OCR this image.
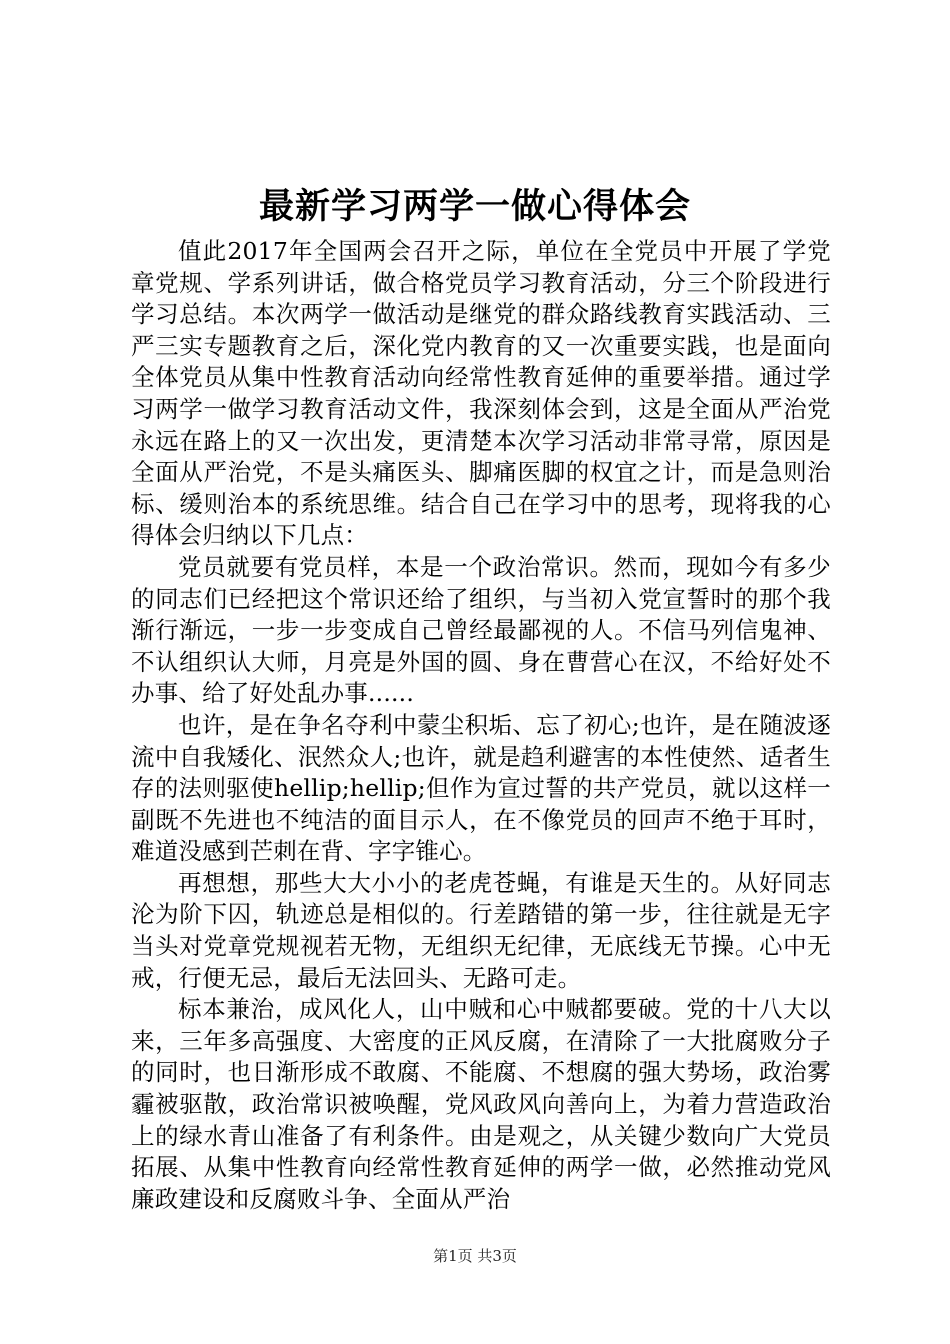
最新学习两学一做心得体会

值此2017年全国两会召开之际，单位在全党员中开展了学党章党规、学系列讲话，做合格党员学习教育活动，分三个阶段进行学习总结。本次两学一做活动是继党的群众路线教育实践活动、三严三实专题教育之后，深化党内教育的又一次重要实践，也是面向全体党员从集中性教育活动向经常性教育延伸的重要举措。通过学习两学一做学习教育活动文件，我深刻体会到，这是全面从严治党永远在路上的又一次出发，更清楚本次学习活动非常寻常，原因是全面从严治党，不是头痛医头、脚痛医脚的权宜之计，而是急则治标、缓则治本的系统思维。结合自己在学习中的思考，现将我的心得体会归纳以下几点：

党员就要有党员样，本是一个政治常识。然而，现如今有多少的同志们已经把这个常识还给了组织，与当初入党宣誓时的那个我渐行渐远，一步一步变成自己曾经最鄙视的人。不信马列信鬼神、不认组织认大师，月亮是外国的圆、身在曹营心在汉，不给好处不办事、给了好处乱办事......

也许，是在争名夺利中蒙尘积垢、忘了初心;也许，是在随波逐流中自我矮化、泯然众人;也许，就是趋利避害的本性使然、适者生存的法则驱使hellip;hellip;但作为宣过誓的共产党员，就以这样一副既不先进也不纯洁的面目示人，在不像党员的回声不绝于耳时，难道没感到芒刺在背、字字锥心。

再想想，那些大大小小的老虎苍蝇，有谁是天生的。从好同志沦为阶下囚，轨迹总是相似的。行差踏错的第一步，往往就是无字当头对党章党规视若无物，无组织无纪律，无底线无节操。心中无戒，行便无忌，最后无法回头、无路可走。

标本兼治，成风化人，山中贼和心中贼都要破。党的十八大以来，三年多高强度、大密度的正风反腐，在清除了一大批腐败分子的同时，也日渐形成不敢腐、不能腐、不想腐的强大势场，政治雾霾被驱散，政治常识被唤醒，党风政风向善向上，为着力营造政治上的绿水青山准备了有利条件。由是观之，从关键少数向广大党员拓展、从集中性教育向经常性教育延伸的两学一做，必然推动党风廉政建设和反腐败斗争、全面从严治

第1页 共3页
